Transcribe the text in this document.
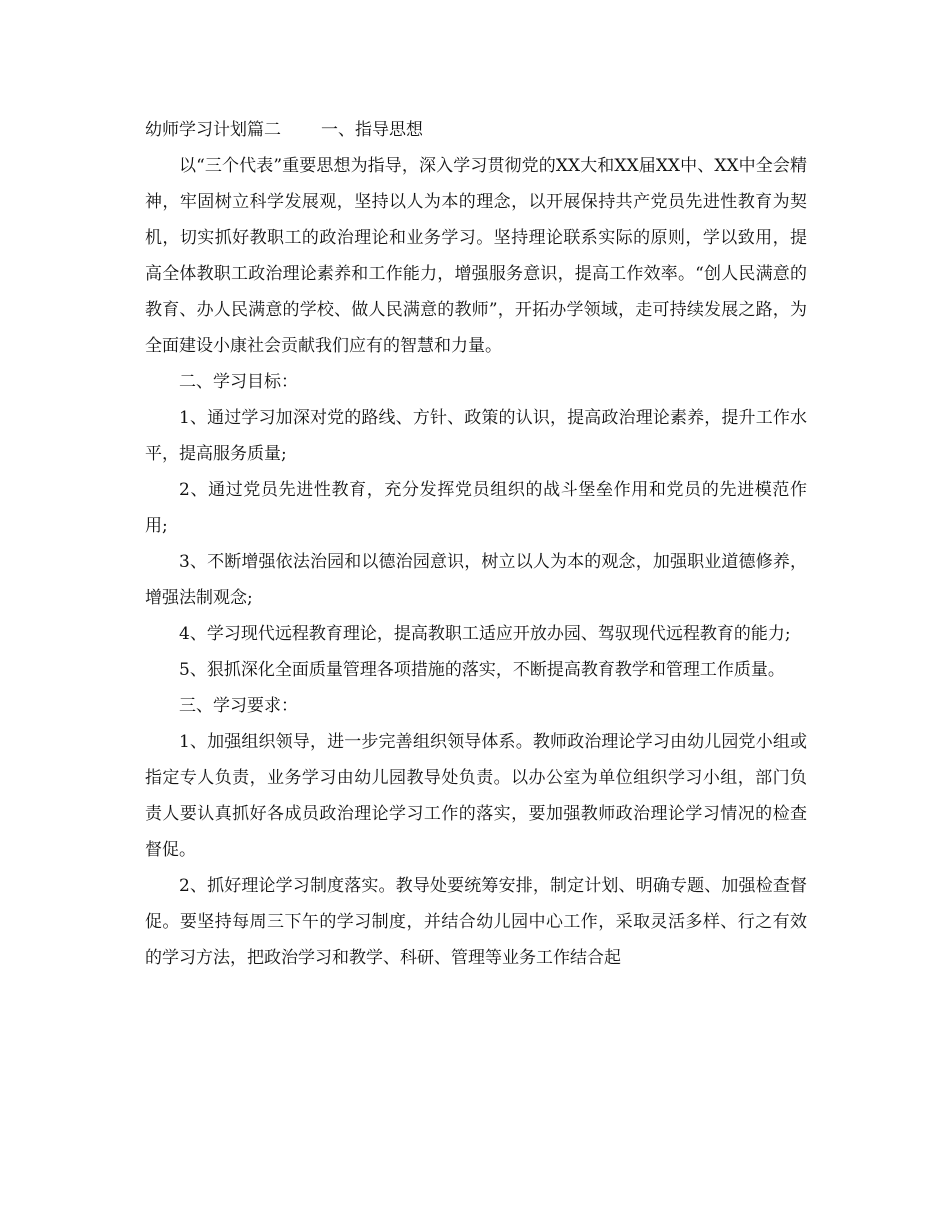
幼师学习计划篇二 一、指导思想

以“三个代表”重要思想为指导，深入学习贯彻党的XX大和XX届XX中、XX中全会精神，牢固树立科学发展观，坚持以人为本的理念，以开展保持共产党员先进性教育为契机，切实抓好教职工的政治理论和业务学习。坚持理论联系实际的原则，学以致用，提高全体教职工政治理论素养和工作能力，增强服务意识，提高工作效率。“创人民满意的教育、办人民满意的学校、做人民满意的教师”，开拓办学领域，走可持续发展之路，为全面建设小康社会贡献我们应有的智慧和力量。

二、学习目标：

1、通过学习加深对党的路线、方针、政策的认识，提高政治理论素养，提升工作水平，提高服务质量;

2、通过党员先进性教育，充分发挥党员组织的战斗堡垒作用和党员的先进模范作用;

3、不断增强依法治园和以德治园意识，树立以人为本的观念，加强职业道德修养，增强法制观念;

4、学习现代远程教育理论，提高教职工适应开放办园、驾驭现代远程教育的能力;

5、狠抓深化全面质量管理各项措施的落实，不断提高教育教学和管理工作质量。

三、学习要求：

1、加强组织领导，进一步完善组织领导体系。教师政治理论学习由幼儿园党小组或指定专人负责，业务学习由幼儿园教导处负责。以办公室为单位组织学习小组，部门负责人要认真抓好各成员政治理论学习工作的落实，要加强教师政治理论学习情况的检查督促。

2、抓好理论学习制度落实。教导处要统筹安排，制定计划、明确专题、加强检查督促。要坚持每周三下午的学习制度，并结合幼儿园中心工作，采取灵活多样、行之有效的学习方法，把政治学习和教学、科研、管理等业务工作结合起
